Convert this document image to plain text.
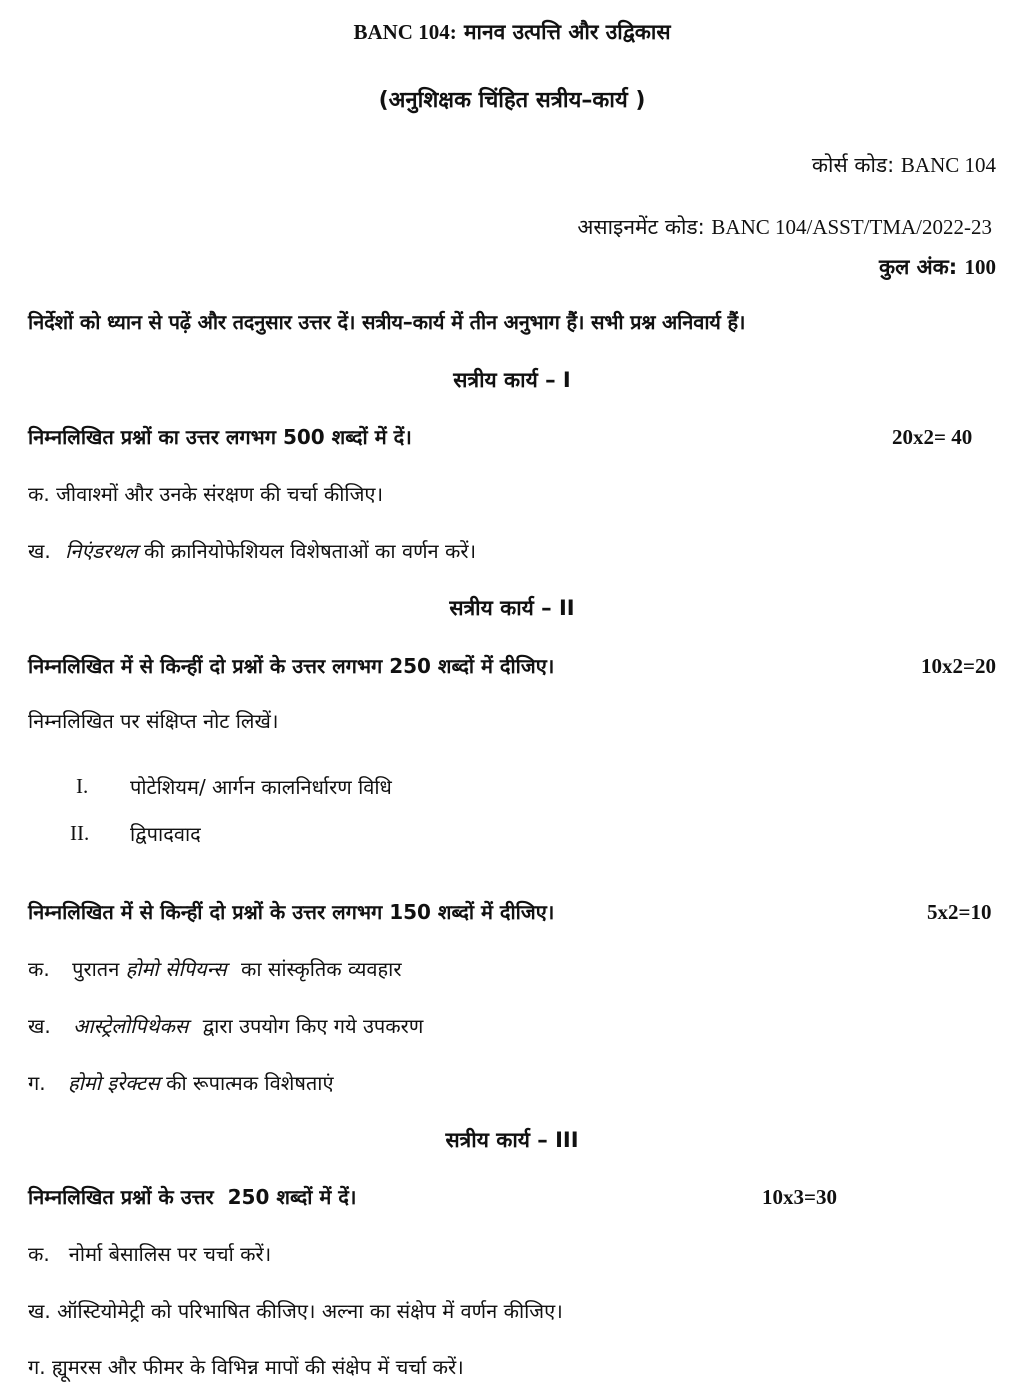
BANC 104: मानव उत्पत्ति और उद्विकास
(अनुशिक्षक चिंहित सत्रीय–कार्य )
कोर्स कोड: BANC 104
असाइनमेंट कोड: BANC 104/ASST/TMA/2022-23
कुल अंक: 100
निर्देशों को ध्यान से पढ़ें और तदनुसार उत्तर दें। सत्रीय–कार्य में तीन अनुभाग हैं। सभी प्रश्न अनिवार्य हैं।
सत्रीय कार्य – I
निम्नलिखित प्रश्नों का उत्तर लगभग 500 शब्दों में दें।	20x2= 40
क. जीवाश्मों और उनके संरक्षण की चर्चा कीजिए।
ख. निएंडरथल की क्रानियोफेशियल विशेषताओं का वर्णन करें।
सत्रीय कार्य – II
निम्नलिखित में से किन्हीं दो प्रश्नों के उत्तर लगभग 250 शब्दों में दीजिए।	10x2=20
निम्नलिखित पर संक्षिप्त नोट लिखें।
I. पोटेशियम/ आर्गन कालनिर्धारण विधि
II. द्विपादवाद
निम्नलिखित में से किन्हीं दो प्रश्नों के उत्तर लगभग 150 शब्दों में दीजिए।	5x2=10
क. पुरातन होमो सेपियन्स का सांस्कृतिक व्यवहार
ख. आस्ट्रेलोपिथेकस द्वारा उपयोग किए गये उपकरण
ग. होमो इरेक्टस की रूपात्मक विशेषताएं
सत्रीय कार्य – III
निम्नलिखित प्रश्नों के उत्तर  250 शब्दों में दें।	10x3=30
क.   नोर्मा बेसालिस पर चर्चा करें।
ख. ऑस्टियोमेट्री को परिभाषित कीजिए। अल्ना का संक्षेप में वर्णन कीजिए।
ग. ह्यूमरस और फीमर के विभिन्न मापों की संक्षेप में चर्चा करें।
